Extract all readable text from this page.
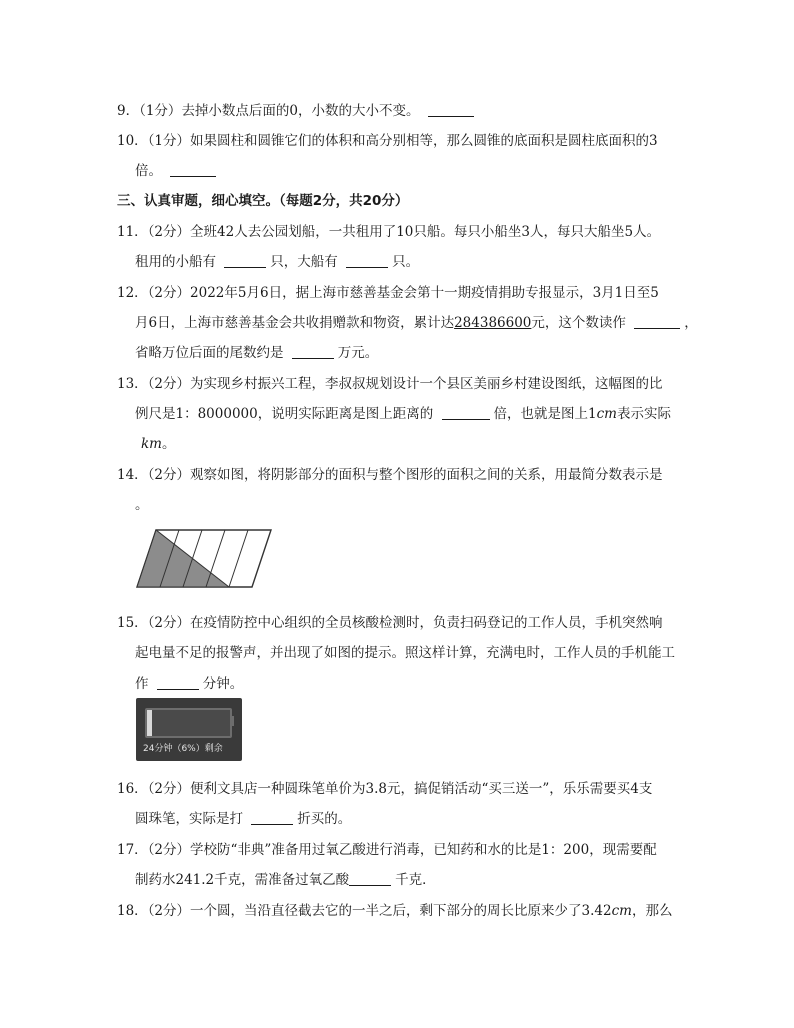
9．（1分）去掉小数点后面的0，小数的大小不变。
10．（1分）如果圆柱和圆锥它们的体积和高分别相等，那么圆锥的底面积是圆柱底面积的3
倍。
三、认真审题，细心填空。（每题2分，共20分）
11．（2分）全班42人去公园划船，一共租用了10只船。每只小船坐3人，每只大船坐5人。
租用的小船有	只，大船有	只。
12．（2分）2022年5月6日，据上海市慈善基金会第十一期疫情捐助专报显示，3月1日至5
月6日，上海市慈善基金会共收捐赠款和物资，累计达284386600元，这个数读作	，
省略万位后面的尾数约是	万元。
13．（2分）为实现乡村振兴工程，李叔叔规划设计一个县区美丽乡村建设图纸，这幅图的比
例尺是1：8000000，说明实际距离是图上距离的	倍，也就是图上1cm表示实际
km。
14．（2分）观察如图，将阴影部分的面积与整个图形的面积之间的关系，用最简分数表示是
。
15．（2分）在疫情防控中心组织的全员核酸检测时，负责扫码登记的工作人员，手机突然响
起电量不足的报警声，并出现了如图的提示。照这样计算，充满电时，工作人员的手机能工
作	分钟。
24分钟（6%）剩余
16．（2分）便利文具店一种圆珠笔单价为3.8元，搞促销活动“买三送一”，乐乐需要买4支
圆珠笔，实际是打	折买的。
17．（2分）学校防“非典”准备用过氧乙酸进行消毒，已知药和水的比是1：200，现需要配
制药水241.2千克，需准备过氧乙酸	千克．
18．（2分）一个圆，当沿直径截去它的一半之后，剩下部分的周长比原来少了3.42cm，那么
